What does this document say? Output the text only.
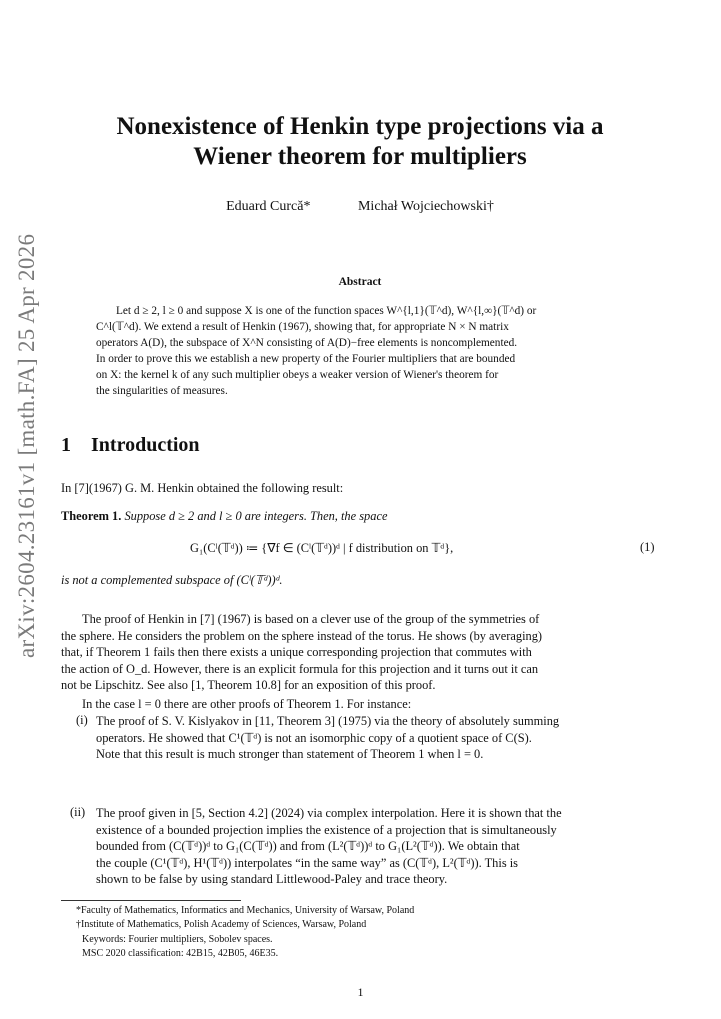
arXiv:2604.23161v1 [math.FA] 25 Apr 2026
Nonexistence of Henkin type projections via a
Wiener theorem for multipliers
Eduard Curcă*	Michał Wojciechowski†
Abstract
Let d ≥ 2, l ≥ 0 and suppose X is one of the function spaces W^{l,1}(𝕋^d), W^{l,∞}(𝕋^d) or
C^l(𝕋^d). We extend a result of Henkin (1967), showing that, for appropriate N × N matrix
operators A(D), the subspace of X^N consisting of A(D)−free elements is noncomplemented.
In order to prove this we establish a new property of the Fourier multipliers that are bounded
on X: the kernel k of any such multiplier obeys a weaker version of Wiener's theorem for
the singularities of measures.
1 Introduction
In [7](1967) G. M. Henkin obtained the following result:
Theorem 1. Suppose d ≥ 2 and l ≥ 0 are integers. Then, the space
G₁(Cˡ(𝕋ᵈ)) ≔ {∇f ∈ (Cˡ(𝕋ᵈ))ᵈ | f distribution on 𝕋ᵈ},	(1)
is not a complemented subspace of (Cˡ(𝕋ᵈ))ᵈ.
The proof of Henkin in [7] (1967) is based on a clever use of the group of the symmetries of
the sphere. He considers the problem on the sphere instead of the torus. He shows (by averaging)
that, if Theorem 1 fails then there exists a unique corresponding projection that commutes with
the action of O_d. However, there is an explicit formula for this projection and it turns out it can
not be Lipschitz. See also [1, Theorem 10.8] for an exposition of this proof.
In the case l = 0 there are other proofs of Theorem 1. For instance:
(i) The proof of S. V. Kislyakov in [11, Theorem 3] (1975) via the theory of absolutely summing
operators. He showed that C¹(𝕋ᵈ) is not an isomorphic copy of a quotient space of C(S).
Note that this result is much stronger than statement of Theorem 1 when l = 0.
(ii) The proof given in [5, Section 4.2] (2024) via complex interpolation. Here it is shown that the
existence of a bounded projection implies the existence of a projection that is simultaneously
bounded from (C(𝕋ᵈ))ᵈ to G₁(C(𝕋ᵈ)) and from (L²(𝕋ᵈ))ᵈ to G₁(L²(𝕋ᵈ)). We obtain that
the couple (C¹(𝕋ᵈ), H¹(𝕋ᵈ)) interpolates “in the same way” as (C(𝕋ᵈ), L²(𝕋ᵈ)). This is
shown to be false by using standard Littlewood-Paley and trace theory.
*Faculty of Mathematics, Informatics and Mechanics, University of Warsaw, Poland
†Institute of Mathematics, Polish Academy of Sciences, Warsaw, Poland
Keywords: Fourier multipliers, Sobolev spaces.
MSC 2020 classification: 42B15, 42B05, 46E35.
1
